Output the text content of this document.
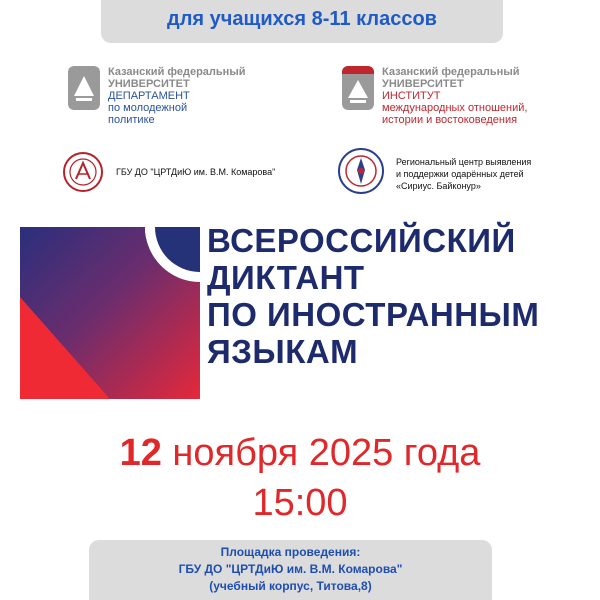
для учащихся 8-11 классов
Казанский федеральный
УНИВЕРСИТЕТ
ДЕПАРТАМЕНТ
по молодежной
политике
Казанский федеральный
УНИВЕРСИТЕТ
ИНСТИТУТ
международных отношений,
истории и востоковедения
ГБУ ДО "ЦРТДиЮ им. В.М. Комарова"
Региональный центр выявления
и поддержки одарённых детей
«Сириус. Байконур»
ВСЕРОССИЙСКИЙ
ДИКТАНТ
ПО ИНОСТРАННЫМ
ЯЗЫКАМ
12 ноября 2025 года
15:00
Площадка проведения:
ГБУ ДО "ЦРТДиЮ им. В.М. Комарова"
(учебный корпус, Титова,8)
